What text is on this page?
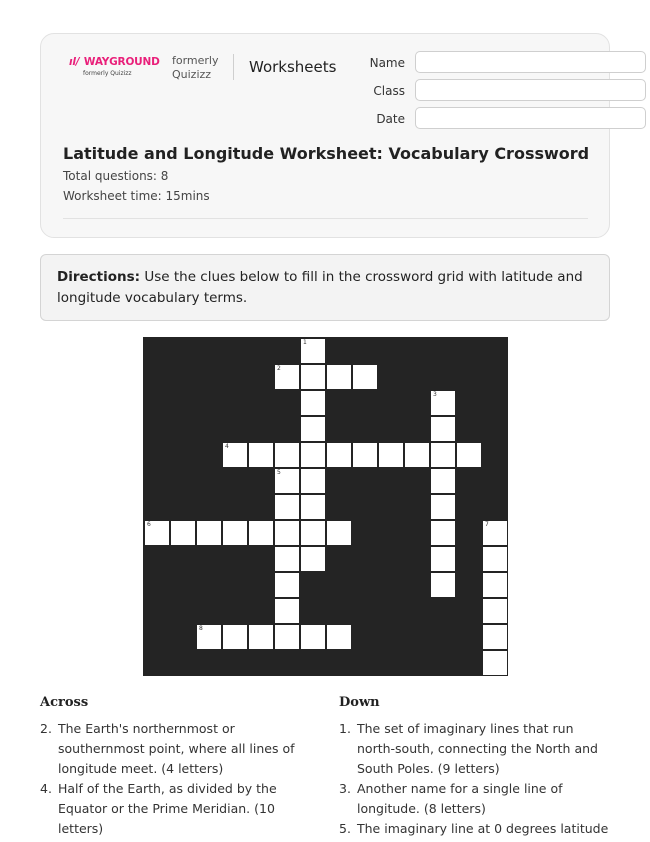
ıl/ WAYGROUND
formerly Quizizz
formerly
Quizizz	Worksheets	Name
Class
Date
Latitude and Longitude Worksheet: Vocabulary Crossword
Total questions: 8
Worksheet time: 15mins
Directions: Use the clues below to fill in the crossword grid with latitude and longitude vocabulary terms.
1
2
3
4
5
6	7
8
Across
2. The Earth's northernmost or southernmost point, where all lines of longitude meet. (4 letters)
4. Half of the Earth, as divided by the Equator or the Prime Meridian. (10 letters)
Down
1. The set of imaginary lines that run north-south, connecting the North and South Poles. (9 letters)
3. Another name for a single line of longitude. (8 letters)
5. The imaginary line at 0 degrees latitude
